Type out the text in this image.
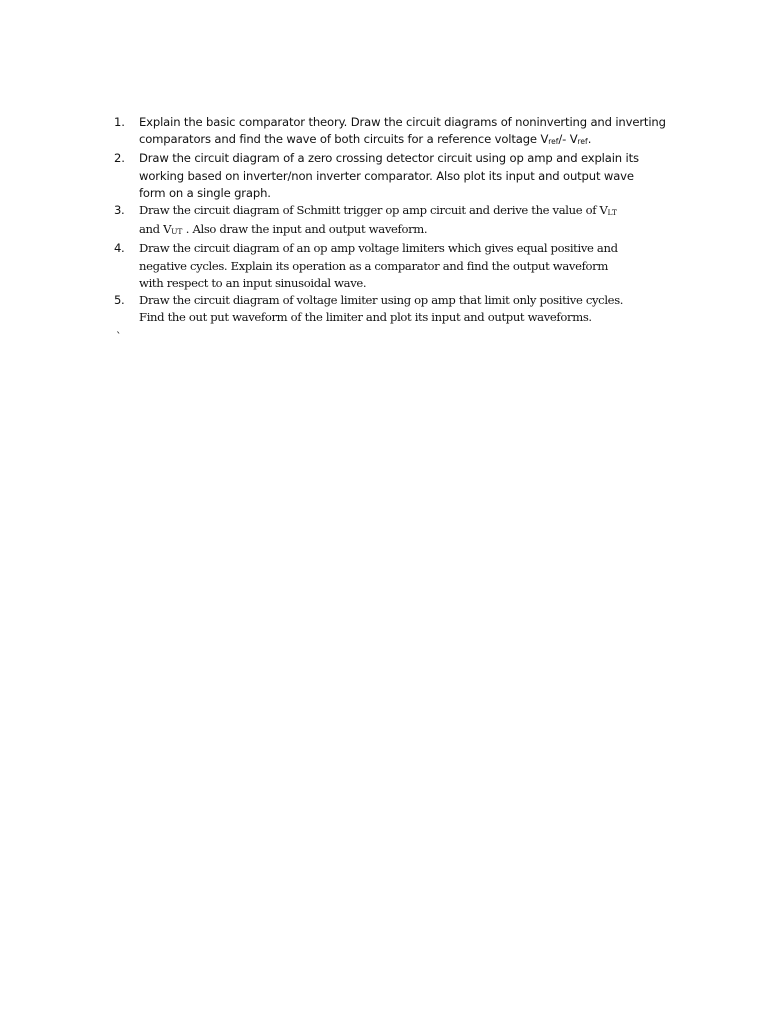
1. Explain the basic comparator theory. Draw the circuit diagrams of noninverting and inverting
comparators and find the wave of both circuits for a reference voltage Vref/- Vref.
2. Draw the circuit diagram of a zero crossing detector circuit using op amp and explain its
working based on inverter/non inverter comparator. Also plot its input and output wave
form on a single graph.
3. Draw the circuit diagram of Schmitt trigger op amp circuit and derive the value of VLT
and VUT . Also draw the input and output waveform.
4. Draw the circuit diagram of an op amp voltage limiters which gives equal positive and
negative cycles. Explain its operation as a comparator and find the output waveform
with respect to an input sinusoidal wave.
5. Draw the circuit diagram of voltage limiter using op amp that limit only positive cycles.
Find the out put waveform of the limiter and plot its input and output waveforms.
`
